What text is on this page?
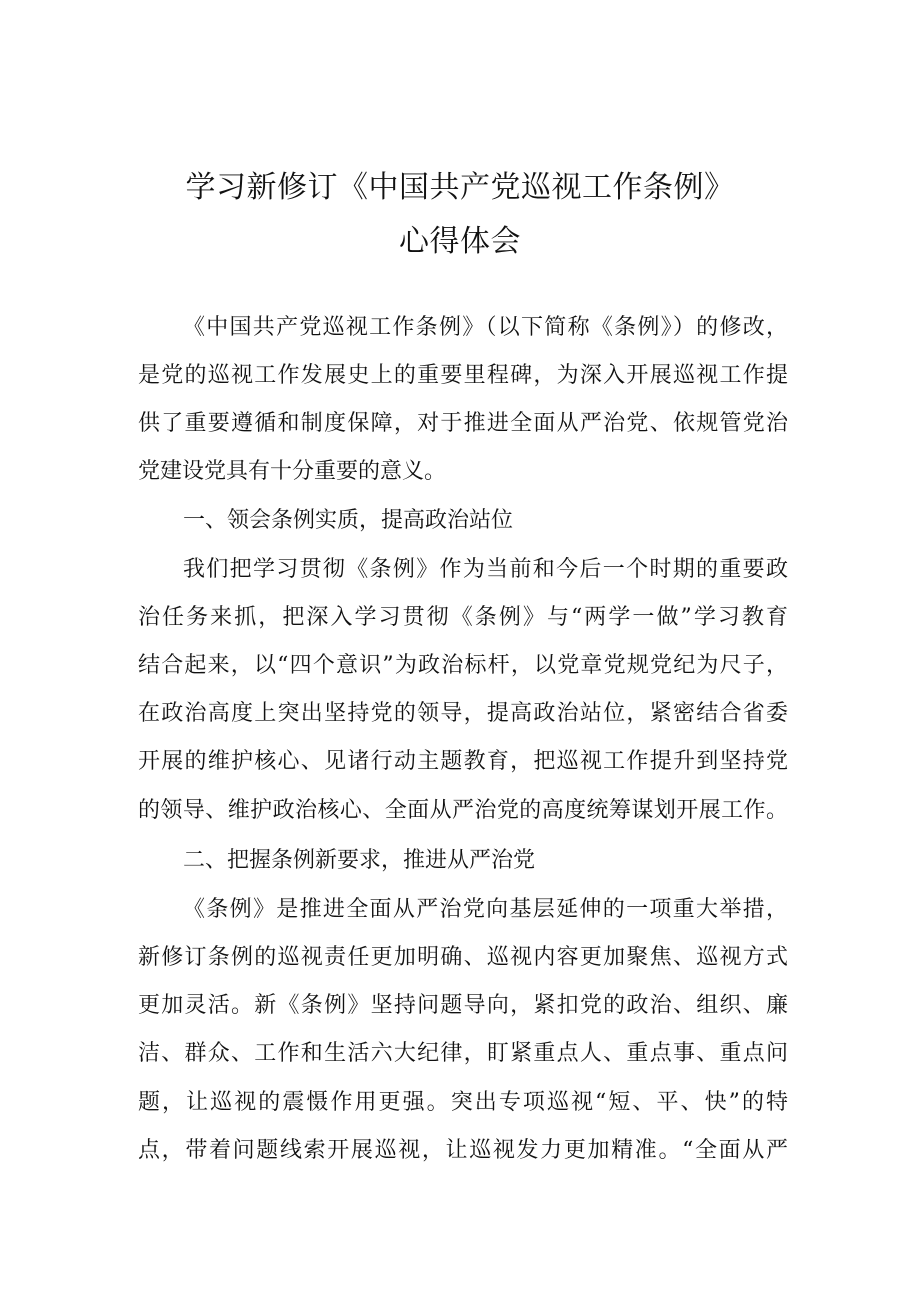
学习新修订《中国共产党巡视工作条例》
心得体会
《中国共产党巡视工作条例》（以下简称《条例》）的修改，
是党的巡视工作发展史上的重要里程碑，为深入开展巡视工作提
供了重要遵循和制度保障，对于推进全面从严治党、依规管党治
党建设党具有十分重要的意义。
一、领会条例实质，提高政治站位
我们把学习贯彻《条例》作为当前和今后一个时期的重要政
治任务来抓，把深入学习贯彻《条例》与“两学一做”学习教育
结合起来，以“四个意识”为政治标杆，以党章党规党纪为尺子，
在政治高度上突出坚持党的领导，提高政治站位，紧密结合省委
开展的维护核心、见诸行动主题教育，把巡视工作提升到坚持党
的领导、维护政治核心、全面从严治党的高度统筹谋划开展工作。
二、把握条例新要求，推进从严治党
《条例》是推进全面从严治党向基层延伸的一项重大举措，
新修订条例的巡视责任更加明确、巡视内容更加聚焦、巡视方式
更加灵活。新《条例》坚持问题导向，紧扣党的政治、组织、廉
洁、群众、工作和生活六大纪律，盯紧重点人、重点事、重点问
题，让巡视的震慑作用更强。突出专项巡视“短、平、快”的特
点，带着问题线索开展巡视，让巡视发力更加精准。“全面从严
